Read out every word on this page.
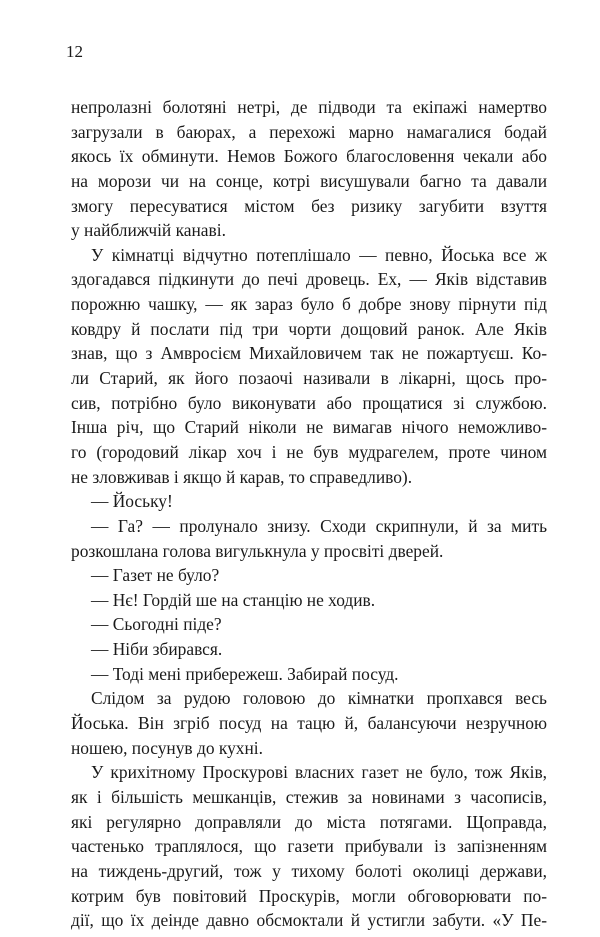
12
непролазні болотяні нетрі, де підводи та екіпажі намертво
загрузали в баюрах, а перехожі марно намагалися бодай
якось їх обминути. Немов Божого благословення чекали або
на морози чи на сонце, котрі висушували багно та давали
змогу пересуватися містом без ризику загубити взуття
у найближчій канаві.
У кімнатці відчутно потеплішало — певно, Йоська все ж
здогадався підкинути до печі дровець. Ех, — Яків відставив
порожню чашку, — як зараз було б добре знову пірнути під
ковдру й послати під три чорти дощовий ранок. Але Яків
знав, що з Амвросієм Михайловичем так не пожартуєш. Ко-
ли Старий, як його позаочі називали в лікарні, щось про-
сив, потрібно було виконувати або прощатися зі службою.
Інша річ, що Старий ніколи не вимагав нічого неможливо-
го (городовий лікар хоч і не був мудрагелем, проте чином
не зловживав і якщо й карав, то справедливо).
— Йоську!
— Га? — пролунало знизу. Сходи скрипнули, й за мить
розкошлана голова вигулькнула у просвіті дверей.
— Газет не було?
— Нє! Гордій ше на станцію не ходив.
— Сьогодні піде?
— Ніби збирався.
— Тоді мені прибережеш. Забирай посуд.
Слідом за рудою головою до кімнатки пропхався весь
Йоська. Він згріб посуд на тацю й, балансуючи незручною
ношею, посунув до кухні.
У крихітному Проскурові власних газет не було, тож Яків,
як і більшість мешканців, стежив за новинами з часописів,
які регулярно доправляли до міста потягами. Щоправда,
частенько траплялося, що газети прибували із запізненням
на тиждень-другий, тож у тихому болоті околиці держави,
котрим був повітовий Проскурів, могли обговорювати по-
дії, що їх деінде давно обсмоктали й устигли забути. «У Пе-
